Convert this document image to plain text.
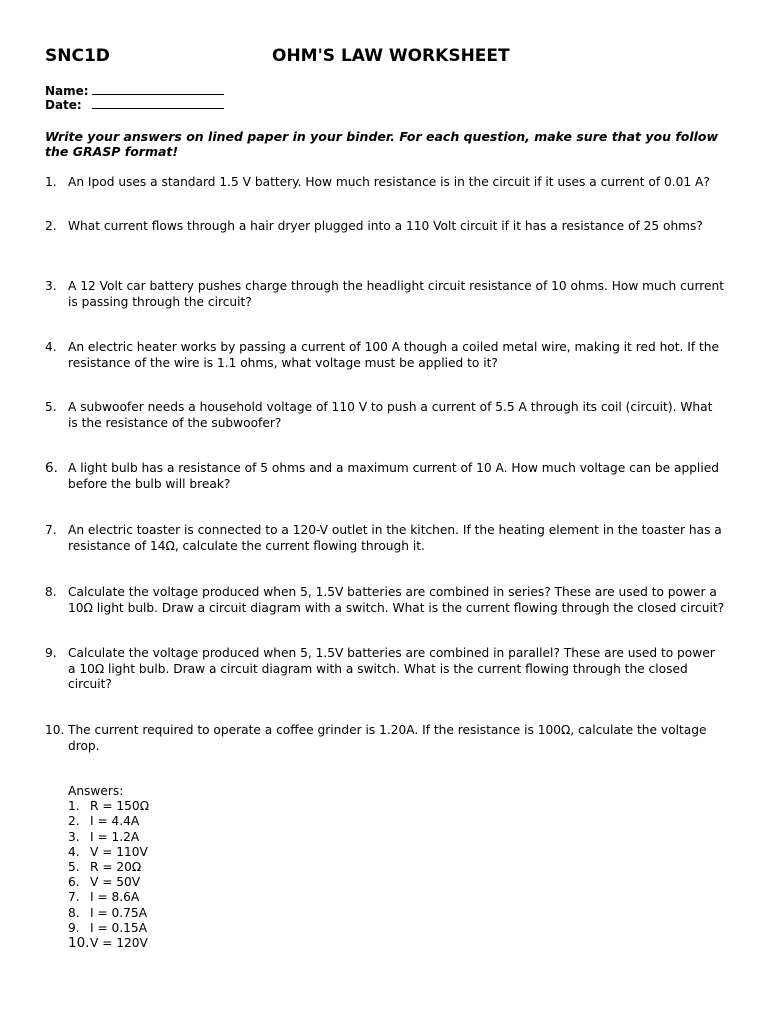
SNC1D	OHM'S LAW WORKSHEET
Name:
Date:
Write your answers on lined paper in your binder. For each question, make sure that you follow the GRASP format!
1. An Ipod uses a standard 1.5 V battery. How much resistance is in the circuit if it uses a current of 0.01 A?
2. What current flows through a hair dryer plugged into a 110 Volt circuit if it has a resistance of 25 ohms?
3. A 12 Volt car battery pushes charge through the headlight circuit resistance of 10 ohms. How much current is passing through the circuit?
4. An electric heater works by passing a current of 100 A though a coiled metal wire, making it red hot. If the resistance of the wire is 1.1 ohms, what voltage must be applied to it?
5. A subwoofer needs a household voltage of 110 V to push a current of 5.5 A through its coil (circuit). What is the resistance of the subwoofer?
6. A light bulb has a resistance of 5 ohms and a maximum current of 10 A. How much voltage can be applied before the bulb will break?
7. An electric toaster is connected to a 120-V outlet in the kitchen. If the heating element in the toaster has a resistance of 14Ω, calculate the current flowing through it.
8. Calculate the voltage produced when 5, 1.5V batteries are combined in series? These are used to power a 10Ω light bulb. Draw a circuit diagram with a switch. What is the current flowing through the closed circuit?
9. Calculate the voltage produced when 5, 1.5V batteries are combined in parallel? These are used to power a 10Ω light bulb. Draw a circuit diagram with a switch. What is the current flowing through the closed circuit?
10. The current required to operate a coffee grinder is 1.20A. If the resistance is 100Ω, calculate the voltage drop.
Answers:
1. R = 150Ω
2. I = 4.4A
3. I = 1.2A
4. V = 110V
5. R = 20Ω
6. V = 50V
7. I = 8.6A
8. I = 0.75A
9. I = 0.15A
10. V = 120V
